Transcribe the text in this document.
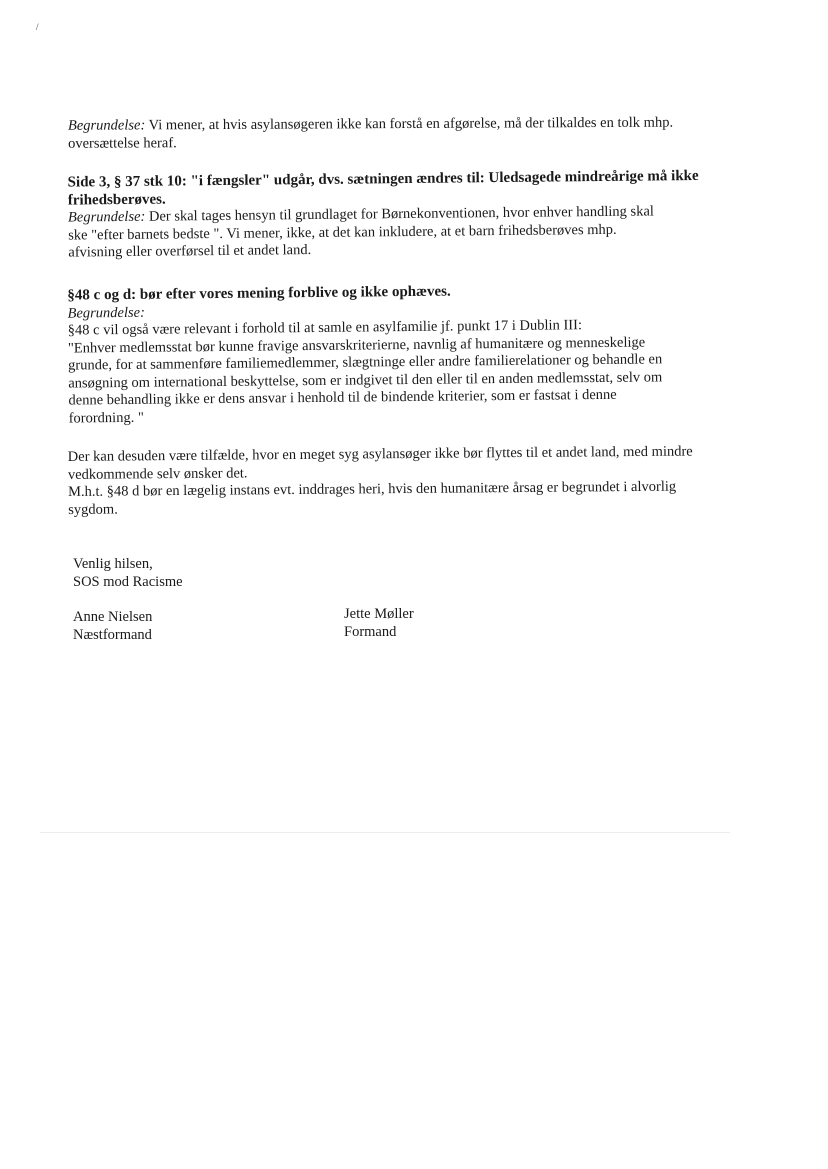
/
Begrundelse: Vi mener, at hvis asylansøgeren ikke kan forstå en afgørelse, må der tilkaldes en tolk mhp.
oversættelse heraf.
Side 3, § 37 stk 10: "i fængsler" udgår, dvs. sætningen ændres til: Uledsagede mindreårige må ikke
frihedsberøves.
Begrundelse: Der skal tages hensyn til grundlaget for Børnekonventionen, hvor enhver handling skal
ske "efter barnets bedste ". Vi mener, ikke, at det kan inkludere, at et barn frihedsberøves mhp.
afvisning eller overførsel til et andet land.
§48 c og d: bør efter vores mening forblive og ikke ophæves.
Begrundelse:
§48 c vil også være relevant i forhold til at samle en asylfamilie jf. punkt 17 i Dublin III:
"Enhver medlemsstat bør kunne fravige ansvarskriterierne, navnlig af humanitære og menneskelige
grunde, for at sammenføre familiemedlemmer, slægtninge eller andre familierelationer og behandle en
ansøgning om international beskyttelse, som er indgivet til den eller til en anden medlemsstat, selv om
denne behandling ikke er dens ansvar i henhold til de bindende kriterier, som er fastsat i denne
forordning. "
Der kan desuden være tilfælde, hvor en meget syg asylansøger ikke bør flyttes til et andet land, med mindre
vedkommende selv ønsker det.
M.h.t. §48 d bør en lægelig instans evt. inddrages heri, hvis den humanitære årsag er begrundet i alvorlig
sygdom.
Venlig hilsen,
SOS mod Racisme
Anne Nielsen
Næstformand
Jette Møller
Formand
